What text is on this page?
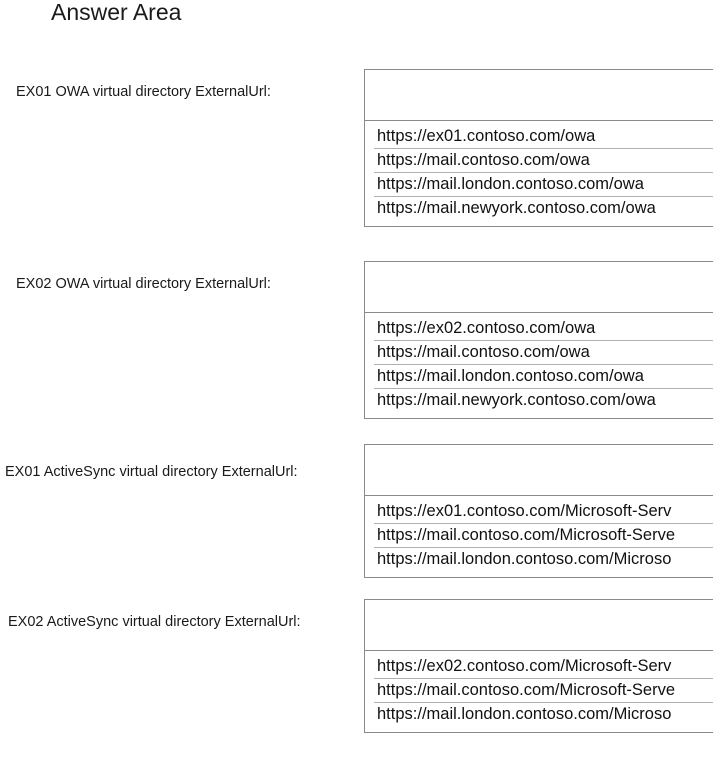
Answer Area
EX01 OWA virtual directory ExternalUrl:
https://ex01.contoso.com/owa
https://mail.contoso.com/owa
https://mail.london.contoso.com/owa
https://mail.newyork.contoso.com/owa
EX02 OWA virtual directory ExternalUrl:
https://ex02.contoso.com/owa
https://mail.contoso.com/owa
https://mail.london.contoso.com/owa
https://mail.newyork.contoso.com/owa
EX01 ActiveSync virtual directory ExternalUrl:
https://ex01.contoso.com/Microsoft-Serv
https://mail.contoso.com/Microsoft-Serve
https://mail.london.contoso.com/Microso
EX02 ActiveSync virtual directory ExternalUrl:
https://ex02.contoso.com/Microsoft-Serv
https://mail.contoso.com/Microsoft-Serve
https://mail.london.contoso.com/Microso
